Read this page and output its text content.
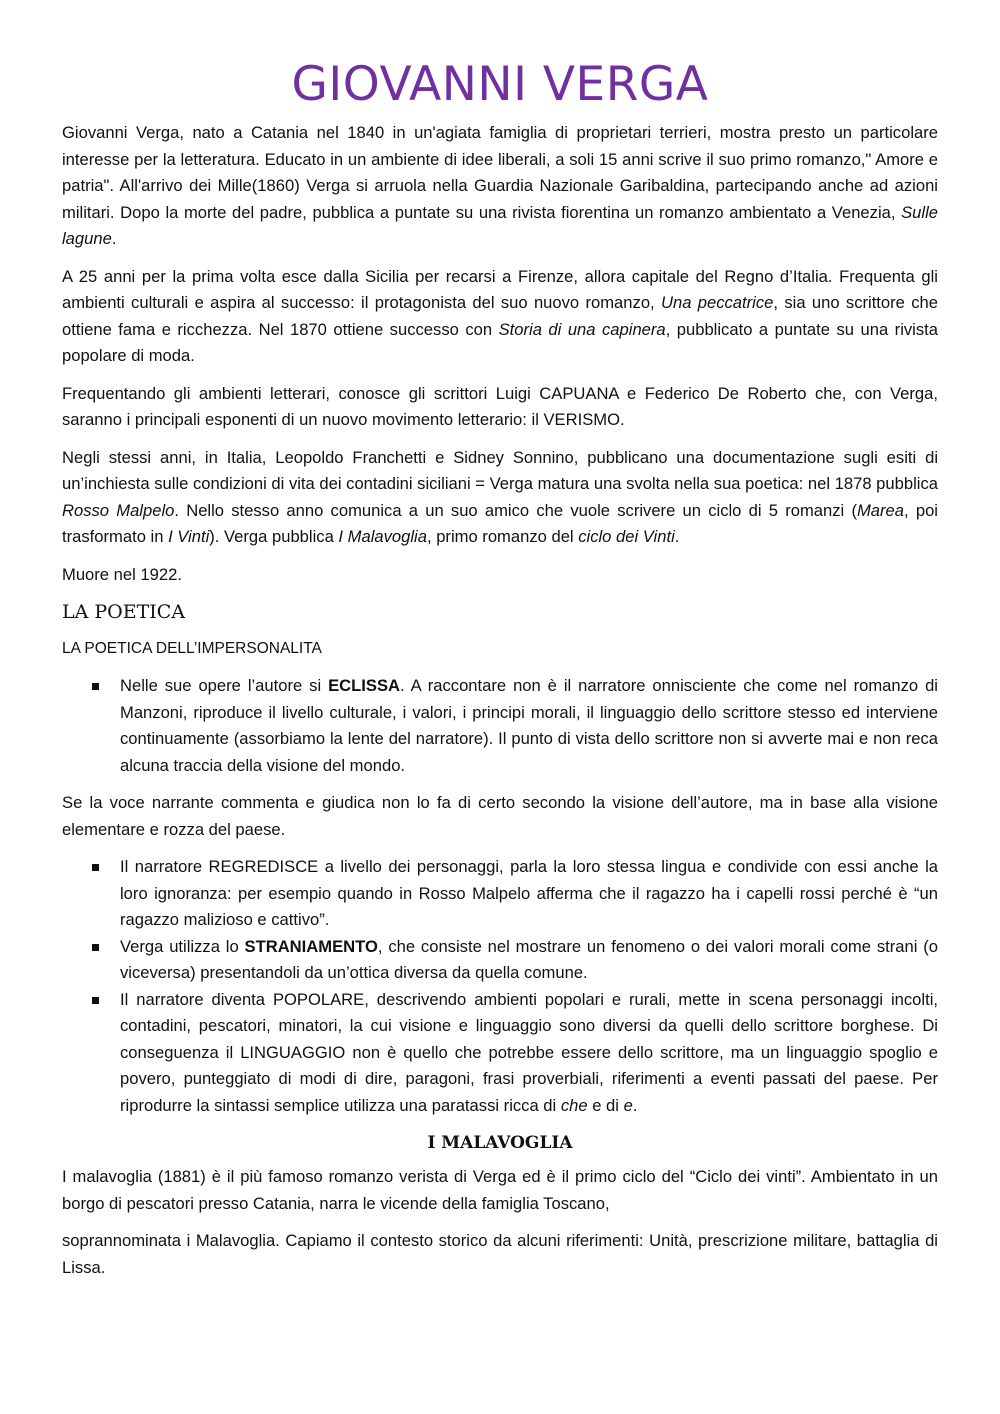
GIOVANNI VERGA

Giovanni Verga, nato a Catania nel 1840 in un'agiata famiglia di proprietari terrieri, mostra presto un particolare interesse per la letteratura. Educato in un ambiente di idee liberali, a soli 15 anni scrive il suo primo romanzo," Amore e patria". All'arrivo dei Mille(1860) Verga si arruola nella Guardia Nazionale Garibaldina, partecipando anche ad azioni militari. Dopo la morte del padre, pubblica a puntate su una rivista fiorentina un romanzo ambientato a Venezia, Sulle lagune.

A 25 anni per la prima volta esce dalla Sicilia per recarsi a Firenze, allora capitale del Regno d’Italia. Frequenta gli ambienti culturali e aspira al successo: il protagonista del suo nuovo romanzo, Una peccatrice, sia uno scrittore che ottiene fama e ricchezza. Nel 1870 ottiene successo con Storia di una capinera, pubblicato a puntate su una rivista popolare di moda.

Frequentando gli ambienti letterari, conosce gli scrittori Luigi CAPUANA e Federico De Roberto che, con Verga, saranno i principali esponenti di un nuovo movimento letterario: il VERISMO.

Negli stessi anni, in Italia, Leopoldo Franchetti e Sidney Sonnino, pubblicano una documentazione sugli esiti di un’inchiesta sulle condizioni di vita dei contadini siciliani = Verga matura una svolta nella sua poetica: nel 1878 pubblica Rosso Malpelo. Nello stesso anno comunica a un suo amico che vuole scrivere un ciclo di 5 romanzi (Marea, poi trasformato in I Vinti). Verga pubblica I Malavoglia, primo romanzo del ciclo dei Vinti.

Muore nel 1922.

LA POETICA
LA POETICA DELL’IMPERSONALITA
Nelle sue opere l’autore si ECLISSA. A raccontare non è il narratore onnisciente che come nel romanzo di Manzoni, riproduce il livello culturale, i valori, i principi morali, il linguaggio dello scrittore stesso ed interviene continuamente (assorbiamo la lente del narratore). Il punto di vista dello scrittore non si avverte mai e non reca alcuna traccia della visione del mondo.

Se la voce narrante commenta e giudica non lo fa di certo secondo la visione dell’autore, ma in base alla visione elementare e rozza del paese.

Il narratore REGREDISCE a livello dei personaggi, parla la loro stessa lingua e condivide con essi anche la loro ignoranza: per esempio quando in Rosso Malpelo afferma che il ragazzo ha i capelli rossi perché è “un ragazzo malizioso e cattivo”.
Verga utilizza lo STRANIAMENTO, che consiste nel mostrare un fenomeno o dei valori morali come strani (o viceversa) presentandoli da un’ottica diversa da quella comune.
Il narratore diventa POPOLARE, descrivendo ambienti popolari e rurali, mette in scena personaggi incolti, contadini, pescatori, minatori, la cui visione e linguaggio sono diversi da quelli dello scrittore borghese. Di conseguenza il LINGUAGGIO non è quello che potrebbe essere dello scrittore, ma un linguaggio spoglio e povero, punteggiato di modi di dire, paragoni, frasi proverbiali, riferimenti a eventi passati del paese. Per riprodurre la sintassi semplice utilizza una paratassi ricca di che e di e.
I MALAVOGLIA

I malavoglia (1881) è il più famoso romanzo verista di Verga ed è il primo ciclo del “Ciclo dei vinti”. Ambientato in un borgo di pescatori presso Catania, narra le vicende della famiglia Toscano,

soprannominata i Malavoglia. Capiamo il contesto storico da alcuni riferimenti: Unità, prescrizione militare, battaglia di Lissa.
